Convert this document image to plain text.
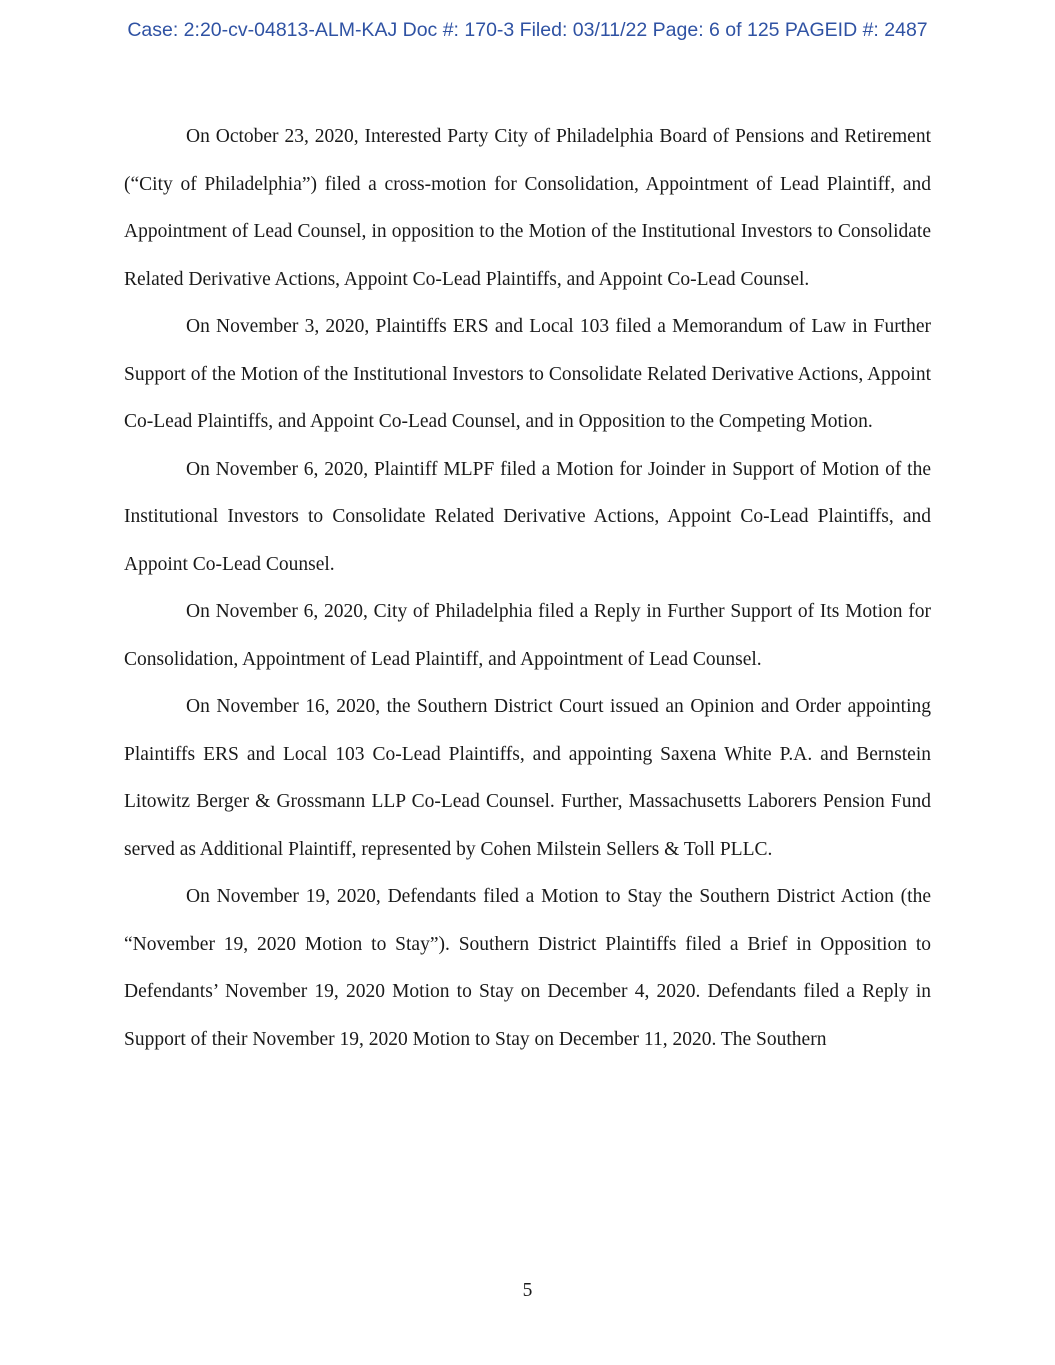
Case: 2:20-cv-04813-ALM-KAJ Doc #: 170-3 Filed: 03/11/22 Page: 6 of 125 PAGEID #: 2487

On October 23, 2020, Interested Party City of Philadelphia Board of Pensions and Retirement (“City of Philadelphia”) filed a cross-motion for Consolidation, Appointment of Lead Plaintiff, and Appointment of Lead Counsel, in opposition to the Motion of the Institutional Investors to Consolidate Related Derivative Actions, Appoint Co-Lead Plaintiffs, and Appoint Co-Lead Counsel.

On November 3, 2020, Plaintiffs ERS and Local 103 filed a Memorandum of Law in Further Support of the Motion of the Institutional Investors to Consolidate Related Derivative Actions, Appoint Co-Lead Plaintiffs, and Appoint Co-Lead Counsel, and in Opposition to the Competing Motion.

On November 6, 2020, Plaintiff MLPF filed a Motion for Joinder in Support of Motion of the Institutional Investors to Consolidate Related Derivative Actions, Appoint Co-Lead Plaintiffs, and Appoint Co-Lead Counsel.

On November 6, 2020, City of Philadelphia filed a Reply in Further Support of Its Motion for Consolidation, Appointment of Lead Plaintiff, and Appointment of Lead Counsel.

On November 16, 2020, the Southern District Court issued an Opinion and Order appointing Plaintiffs ERS and Local 103 Co-Lead Plaintiffs, and appointing Saxena White P.A. and Bernstein Litowitz Berger & Grossmann LLP Co-Lead Counsel. Further, Massachusetts Laborers Pension Fund served as Additional Plaintiff, represented by Cohen Milstein Sellers & Toll PLLC.

On November 19, 2020, Defendants filed a Motion to Stay the Southern District Action (the “November 19, 2020 Motion to Stay”). Southern District Plaintiffs filed a Brief in Opposition to Defendants’ November 19, 2020 Motion to Stay on December 4, 2020. Defendants filed a Reply in Support of their November 19, 2020 Motion to Stay on December 11, 2020. The Southern

5
